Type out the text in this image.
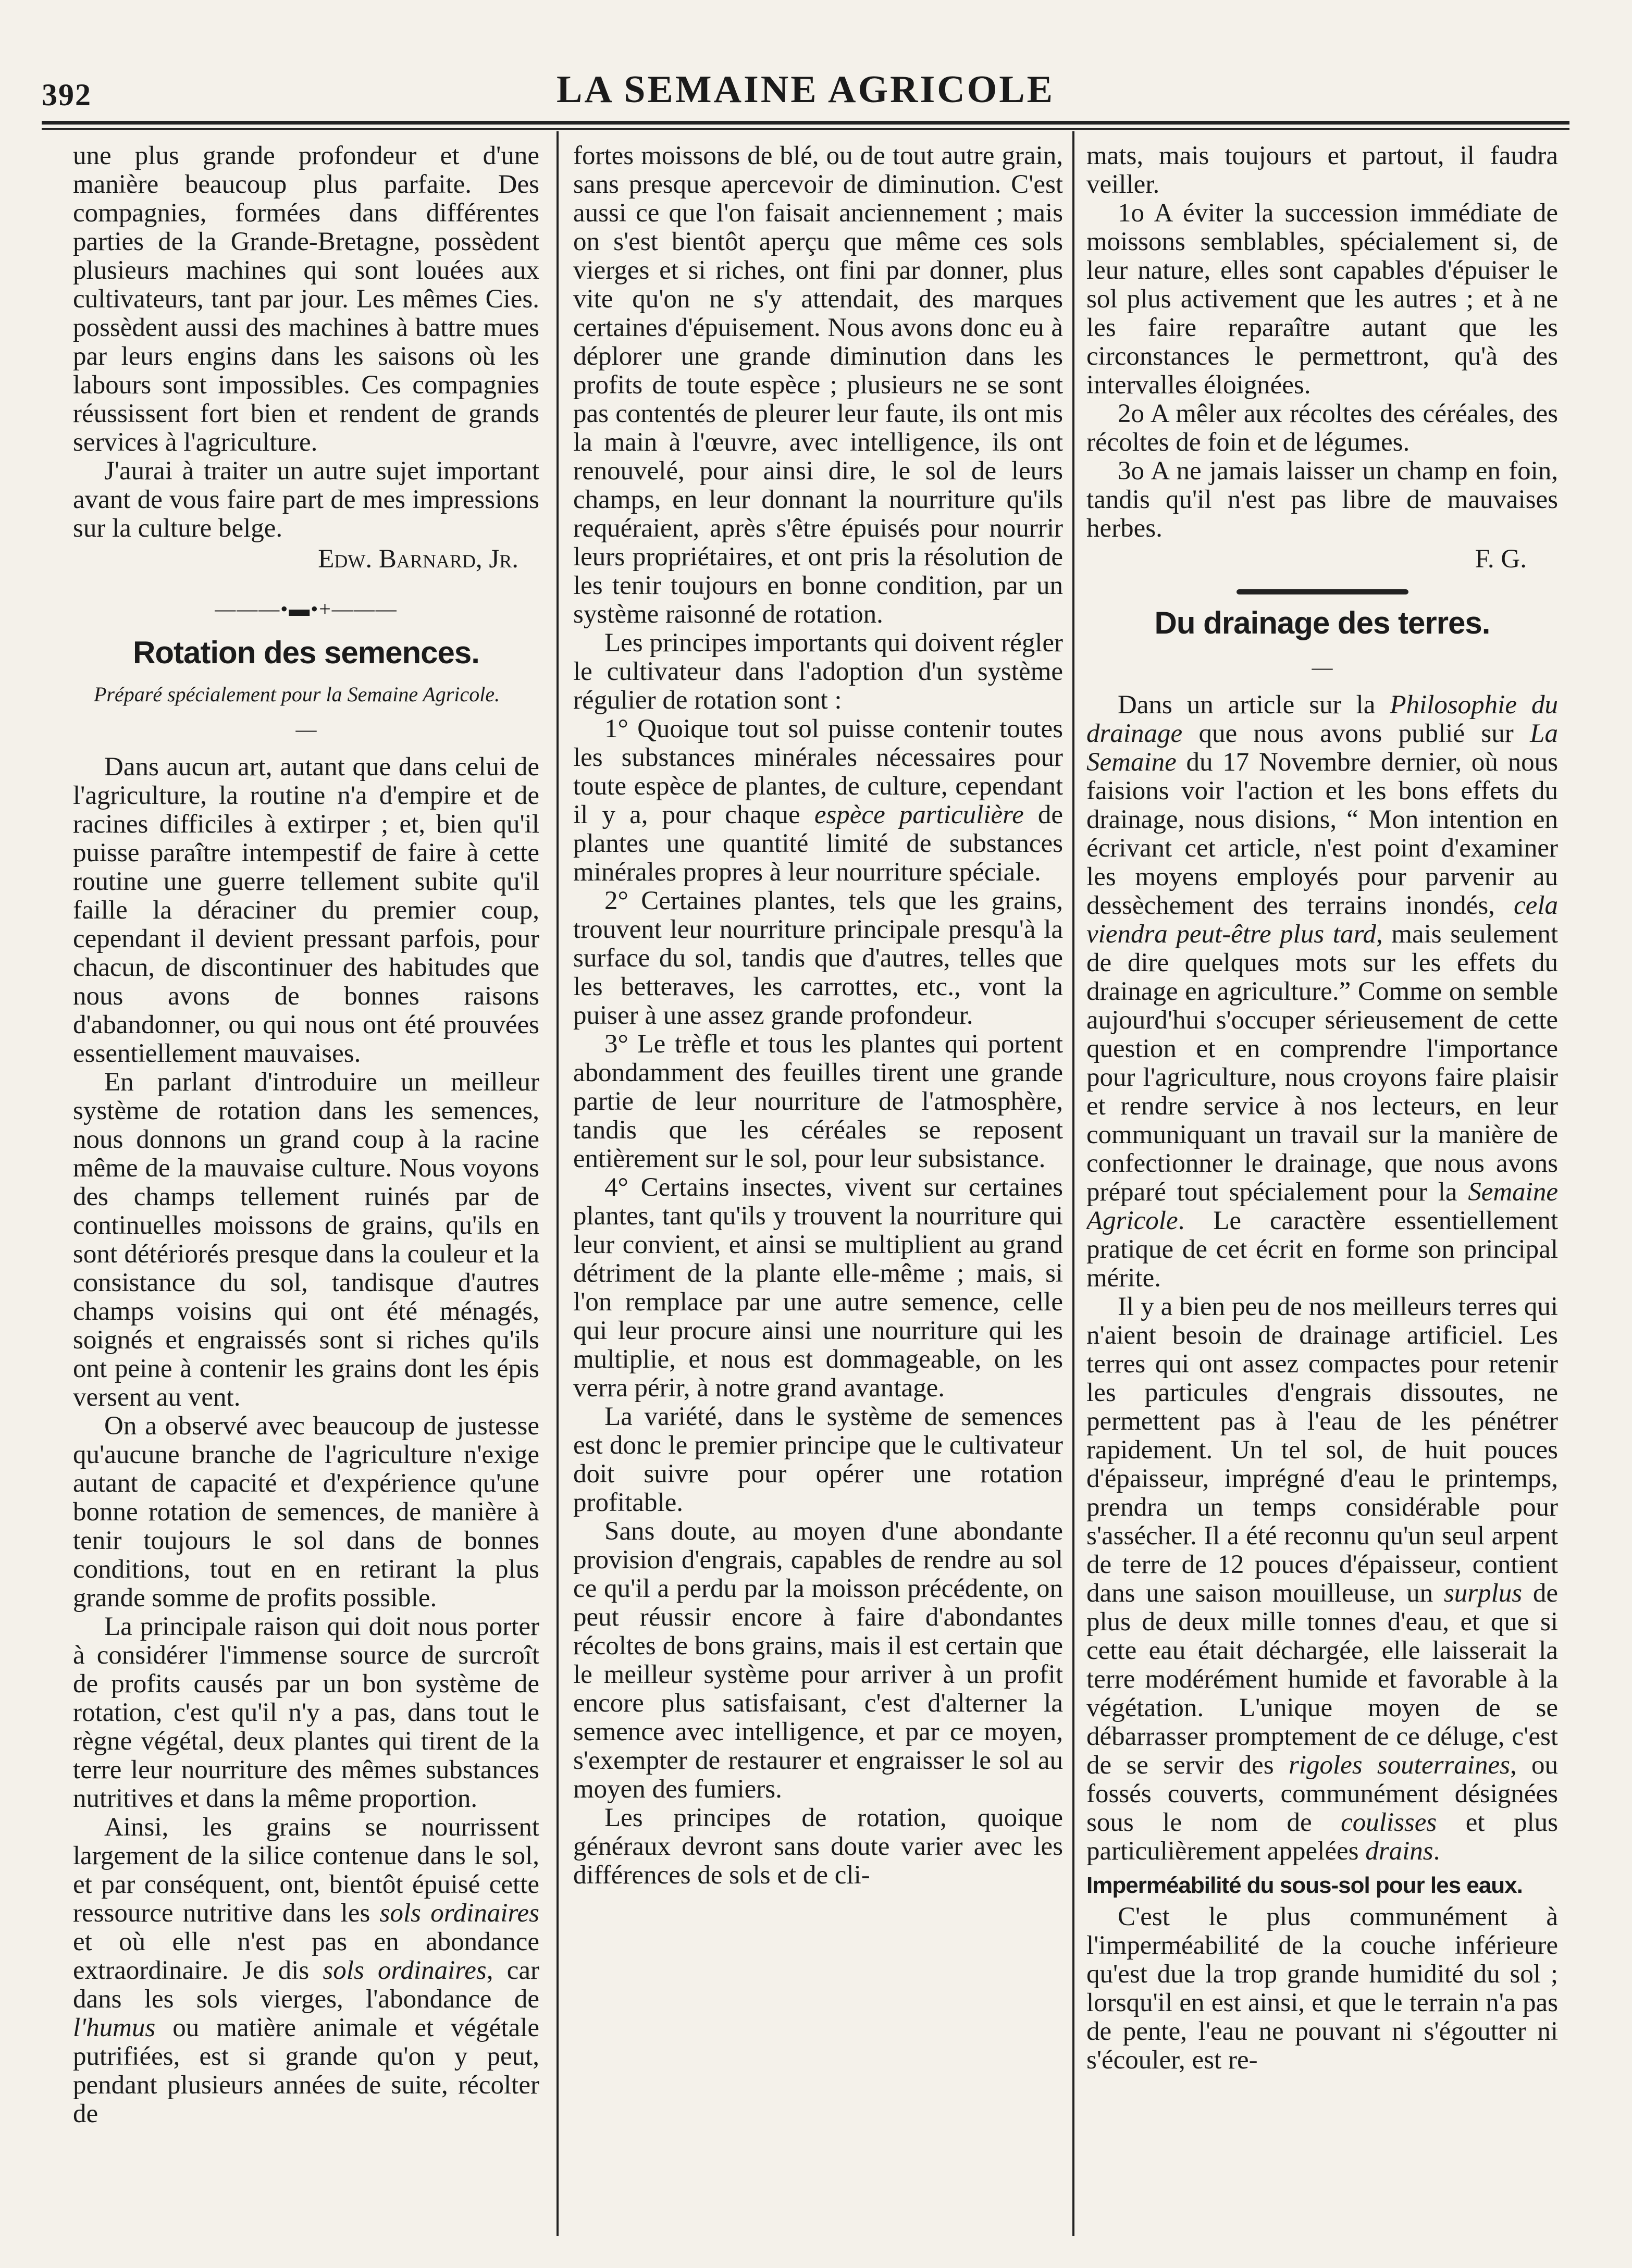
392	LA SEMAINE AGRICOLE

une plus grande profondeur et d'une manière beaucoup plus parfaite. Des compagnies, formées dans différentes parties de la Grande-Bretagne, possèdent plusieurs machines qui sont louées aux cultivateurs, tant par jour. Les mêmes Cies. possèdent aussi des machines à battre mues par leurs engins dans les saisons où les labours sont impossibles. Ces compagnies réussissent fort bien et rendent de grands services à l'agriculture.

J'aurai à traiter un autre sujet important avant de vous faire part de mes impressions sur la culture belge.

Edw. Barnard, Jr.
———•▬•+———
Rotation des semences.
Préparé spécialement pour la Semaine Agricole.
—

Dans aucun art, autant que dans celui de l'agriculture, la routine n'a d'empire et de racines difficiles à extirper ; et, bien qu'il puisse paraître intempestif de faire à cette routine une guerre tellement subite qu'il faille la déraciner du premier coup, cependant il devient pressant parfois, pour chacun, de discontinuer des habitudes que nous avons de bonnes raisons d'abandonner, ou qui nous ont été prouvées essentiellement mauvaises.

En parlant d'introduire un meilleur système de rotation dans les semences, nous donnons un grand coup à la racine même de la mauvaise culture. Nous voyons des champs tellement ruinés par de continuelles moissons de grains, qu'ils en sont détériorés presque dans la couleur et la consistance du sol, tandisque d'autres champs voisins qui ont été ménagés, soignés et engraissés sont si riches qu'ils ont peine à contenir les grains dont les épis versent au vent.

On a observé avec beaucoup de justesse qu'aucune branche de l'agriculture n'exige autant de capacité et d'expérience qu'une bonne rotation de semences, de manière à tenir toujours le sol dans de bonnes conditions, tout en en retirant la plus grande somme de profits possible.

La principale raison qui doit nous porter à considérer l'immense source de surcroît de profits causés par un bon système de rotation, c'est qu'il n'y a pas, dans tout le règne végétal, deux plantes qui tirent de la terre leur nourriture des mêmes substances nutritives et dans la même proportion.

Ainsi, les grains se nourrissent largement de la silice contenue dans le sol, et par conséquent, ont, bientôt épuisé cette ressource nutritive dans les sols ordinaires et où elle n'est pas en abondance extraordinaire. Je dis sols ordinaires, car dans les sols vierges, l'abondance de l'humus ou matière animale et végétale putrifiées, est si grande qu'on y peut, pendant plusieurs années de suite, récolter de

fortes moissons de blé, ou de tout autre grain, sans presque apercevoir de diminution. C'est aussi ce que l'on faisait anciennement ; mais on s'est bientôt aperçu que même ces sols vierges et si riches, ont fini par donner, plus vite qu'on ne s'y attendait, des marques certaines d'épuisement. Nous avons donc eu à déplorer une grande diminution dans les profits de toute espèce ; plusieurs ne se sont pas contentés de pleurer leur faute, ils ont mis la main à l'œuvre, avec intelligence, ils ont renouvelé, pour ainsi dire, le sol de leurs champs, en leur donnant la nourriture qu'ils requéraient, après s'être épuisés pour nourrir leurs propriétaires, et ont pris la résolution de les tenir toujours en bonne condition, par un système raisonné de rotation.

Les principes importants qui doivent régler le cultivateur dans l'adoption d'un système régulier de rotation sont :

1° Quoique tout sol puisse contenir toutes les substances minérales nécessaires pour toute espèce de plantes, de culture, cependant il y a, pour chaque espèce particulière de plantes une quantité limité de substances minérales propres à leur nourriture spéciale.

2° Certaines plantes, tels que les grains, trouvent leur nourriture principale presqu'à la surface du sol, tandis que d'autres, telles que les betteraves, les carrottes, etc., vont la puiser à une assez grande profondeur.

3° Le trèfle et tous les plantes qui portent abondamment des feuilles tirent une grande partie de leur nourriture de l'atmosphère, tandis que les céréales se reposent entièrement sur le sol, pour leur subsistance.

4° Certains insectes, vivent sur certaines plantes, tant qu'ils y trouvent la nourriture qui leur convient, et ainsi se multiplient au grand détriment de la plante elle-même ; mais, si l'on remplace par une autre semence, celle qui leur procure ainsi une nourriture qui les multiplie, et nous est dommageable, on les verra périr, à notre grand avantage.

La variété, dans le système de semences est donc le premier principe que le cultivateur doit suivre pour opérer une rotation profitable.

Sans doute, au moyen d'une abondante provision d'engrais, capables de rendre au sol ce qu'il a perdu par la moisson précédente, on peut réussir encore à faire d'abondantes récoltes de bons grains, mais il est certain que le meilleur système pour arriver à un profit encore plus satisfaisant, c'est d'alterner la semence avec intelligence, et par ce moyen, s'exempter de restaurer et engraisser le sol au moyen des fumiers.

Les principes de rotation, quoique généraux devront sans doute varier avec les différences de sols et de cli-

mats, mais toujours et partout, il faudra veiller.

1o A éviter la succession immédiate de moissons semblables, spécialement si, de leur nature, elles sont capables d'épuiser le sol plus activement que les autres ; et à ne les faire reparaître autant que les circonstances le permettront, qu'à des intervalles éloignées.

2o A mêler aux récoltes des céréales, des récoltes de foin et de légumes.

3o A ne jamais laisser un champ en foin, tandis qu'il n'est pas libre de mauvaises herbes.

F. G.
Du drainage des terres.
—

Dans un article sur la Philosophie du drainage que nous avons publié sur La Semaine du 17 Novembre dernier, où nous faisions voir l'action et les bons effets du drainage, nous disions, “ Mon intention en écrivant cet article, n'est point d'examiner les moyens employés pour parvenir au dessèchement des terrains inondés, cela viendra peut-être plus tard, mais seulement de dire quelques mots sur les effets du drainage en agriculture.” Comme on semble aujourd'hui s'occuper sérieusement de cette question et en comprendre l'importance pour l'agriculture, nous croyons faire plaisir et rendre service à nos lecteurs, en leur communiquant un travail sur la manière de confectionner le drainage, que nous avons préparé tout spécialement pour la Semaine Agricole. Le caractère essentiellement pratique de cet écrit en forme son principal mérite.

Il y a bien peu de nos meilleurs terres qui n'aient besoin de drainage artificiel. Les terres qui ont assez compactes pour retenir les particules d'engrais dissoutes, ne permettent pas à l'eau de les pénétrer rapidement. Un tel sol, de huit pouces d'épaisseur, imprégné d'eau le printemps, prendra un temps considérable pour s'assécher. Il a été reconnu qu'un seul arpent de terre de 12 pouces d'épaisseur, contient dans une saison mouilleuse, un surplus de plus de deux mille tonnes d'eau, et que si cette eau était déchargée, elle laisserait la terre modérément humide et favorable à la végétation. L'unique moyen de se débarrasser promptement de ce déluge, c'est de se servir des rigoles souterraines, ou fossés couverts, communément désignées sous le nom de coulisses et plus particulièrement appelées drains.

Imperméabilité du sous-sol pour les eaux.

C'est le plus communément à l'imperméabilité de la couche inférieure qu'est due la trop grande humidité du sol ; lorsqu'il en est ainsi, et que le terrain n'a pas de pente, l'eau ne pouvant ni s'égoutter ni s'écouler, est re-
